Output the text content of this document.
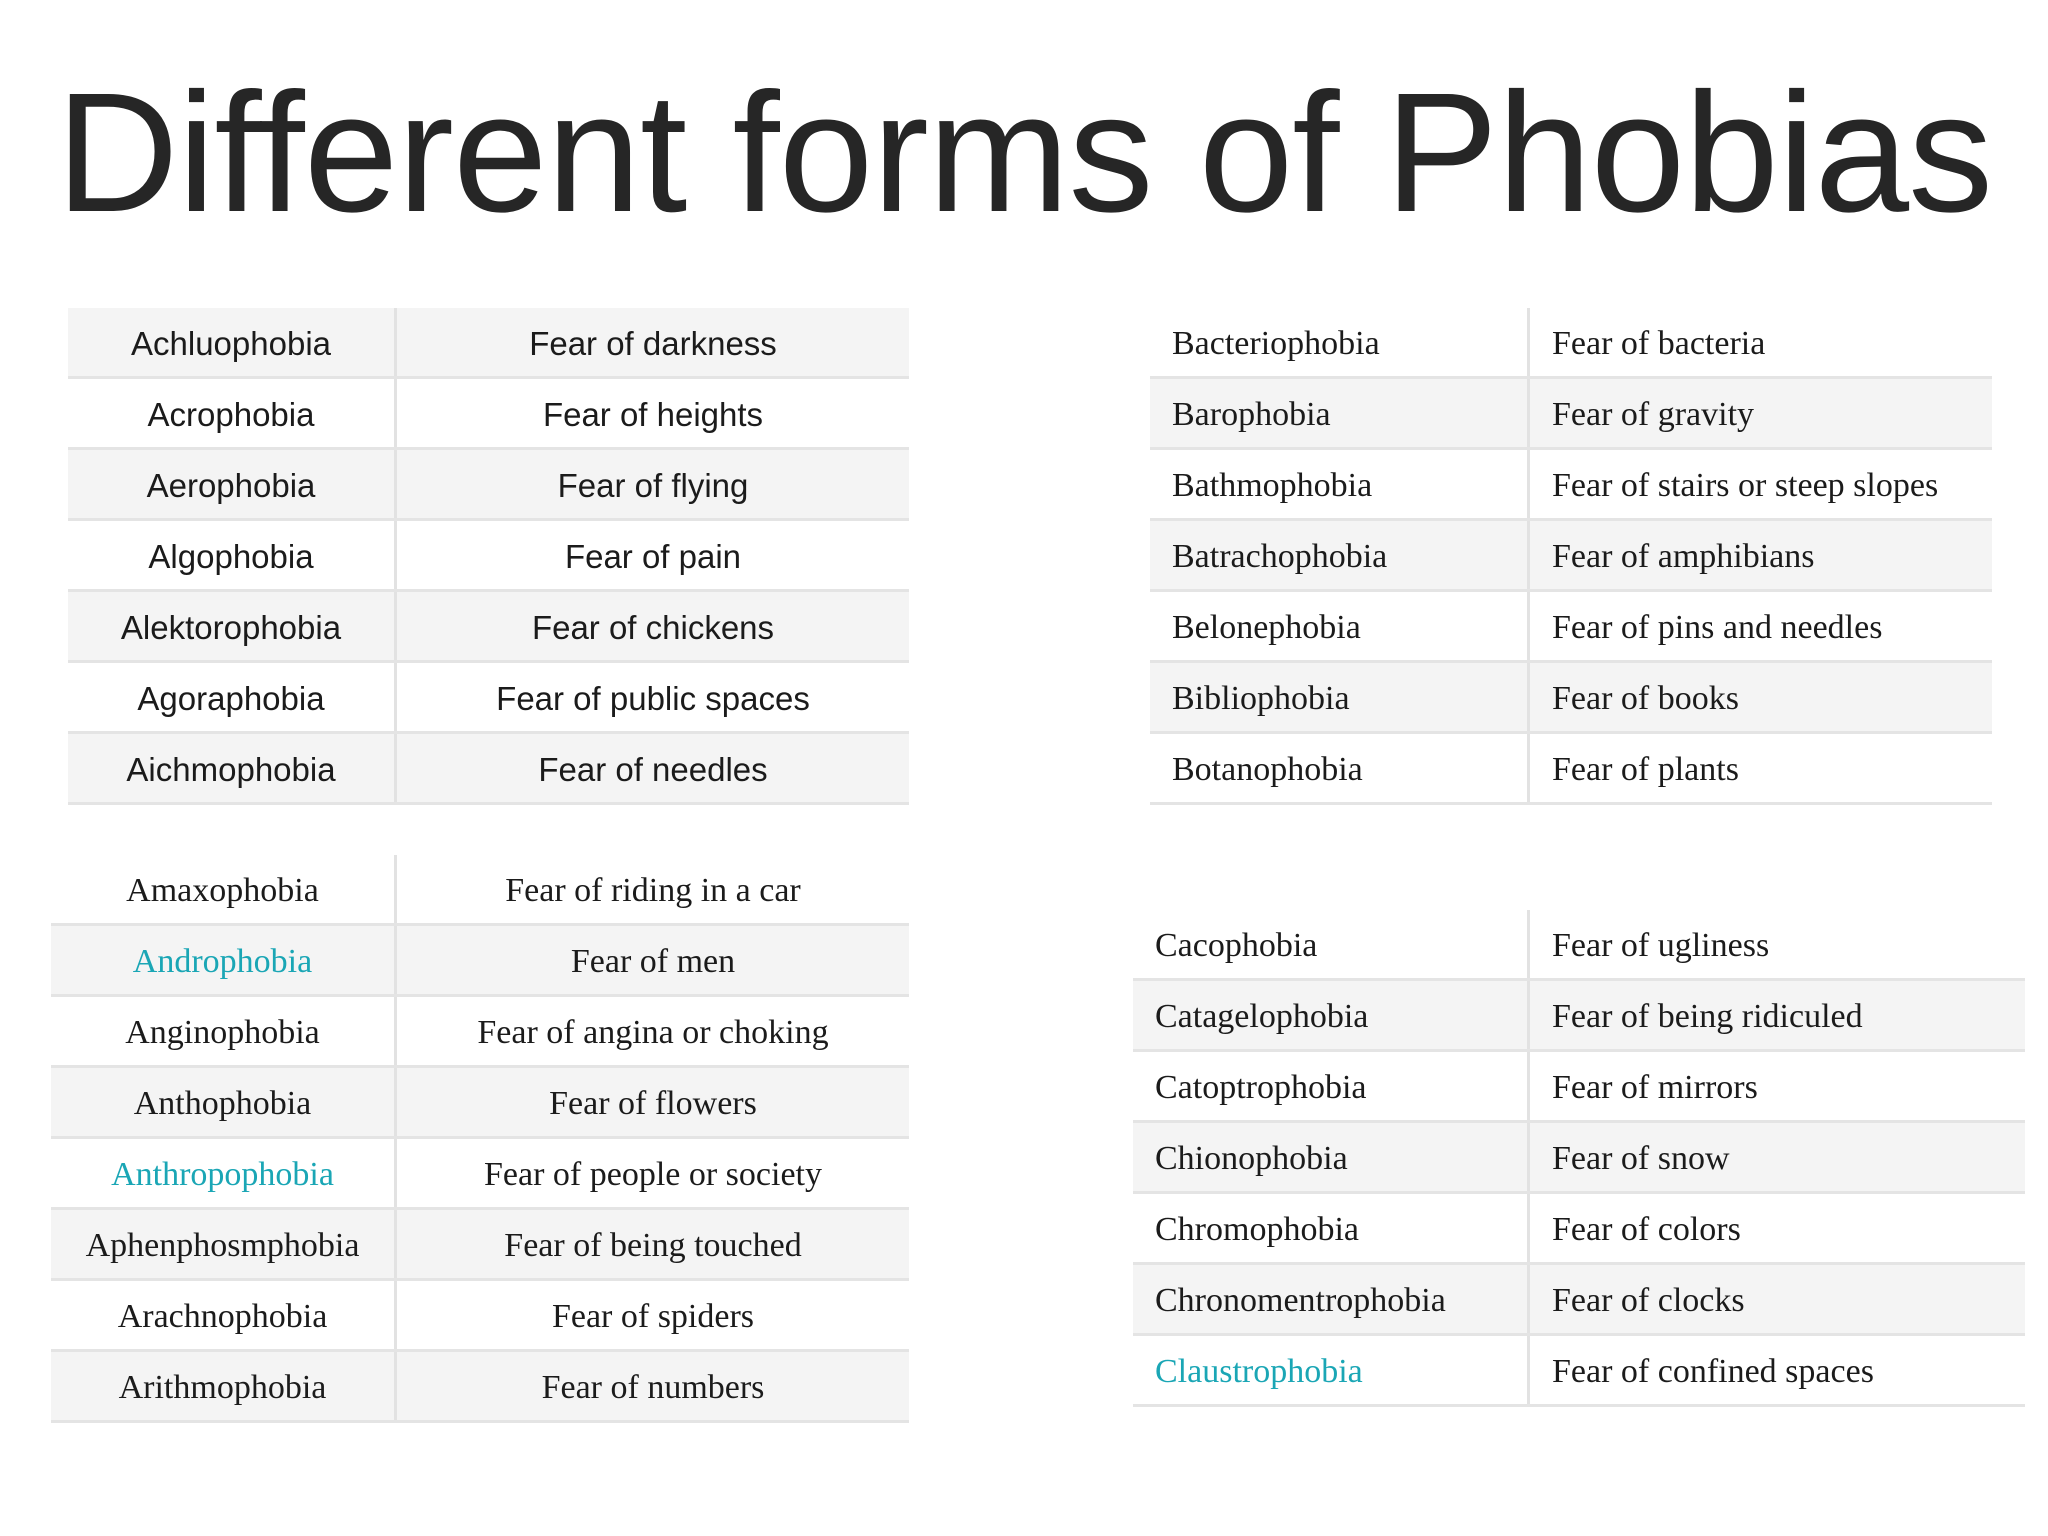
Different forms of Phobias
Achluophobia	Fear of darkness
Acrophobia	Fear of heights
Aerophobia	Fear of flying
Algophobia	Fear of pain
Alektorophobia	Fear of chickens
Agoraphobia	Fear of public spaces
Aichmophobia	Fear of needles
Bacteriophobia	Fear of bacteria
Barophobia	Fear of gravity
Bathmophobia	Fear of stairs or steep slopes
Batrachophobia	Fear of amphibians
Belonephobia	Fear of pins and needles
Bibliophobia	Fear of books
Botanophobia	Fear of plants
Amaxophobia	Fear of riding in a car
Androphobia	Fear of men
Anginophobia	Fear of angina or choking
Anthophobia	Fear of flowers
Anthropophobia	Fear of people or society
Aphenphosmphobia	Fear of being touched
Arachnophobia	Fear of spiders
Arithmophobia	Fear of numbers
Cacophobia	Fear of ugliness
Catagelophobia	Fear of being ridiculed
Catoptrophobia	Fear of mirrors
Chionophobia	Fear of snow
Chromophobia	Fear of colors
Chronomentrophobia	Fear of clocks
Claustrophobia	Fear of confined spaces
